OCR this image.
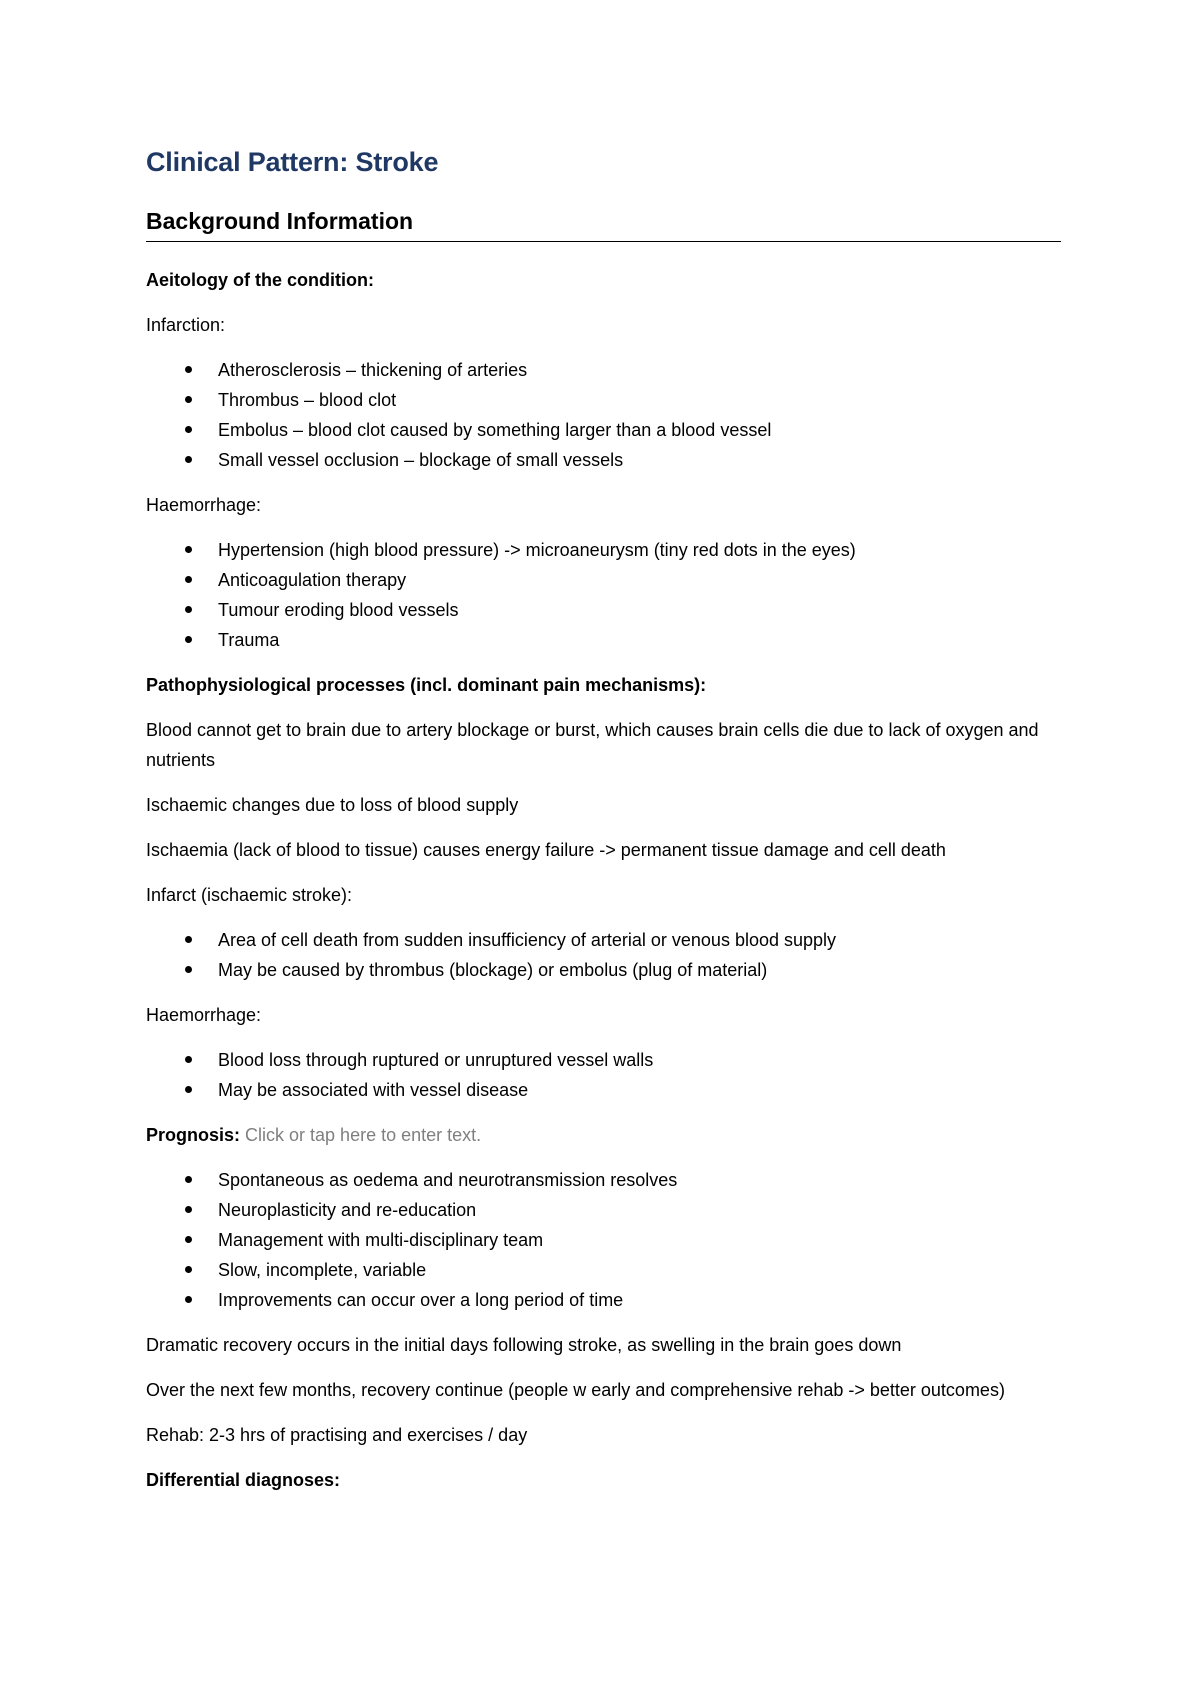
Clinical Pattern: Stroke
Background Information

Aeitology of the condition:

Infarction:

Atherosclerosis – thickening of arteries
Thrombus – blood clot
Embolus – blood clot caused by something larger than a blood vessel
Small vessel occlusion – blockage of small vessels

Haemorrhage:

Hypertension (high blood pressure) -> microaneurysm (tiny red dots in the eyes)
Anticoagulation therapy
Tumour eroding blood vessels
Trauma

Pathophysiological processes (incl. dominant pain mechanisms):

Blood cannot get to brain due to artery blockage or burst, which causes brain cells die due to lack of oxygen and nutrients

Ischaemic changes due to loss of blood supply

Ischaemia (lack of blood to tissue) causes energy failure -> permanent tissue damage and cell death

Infarct (ischaemic stroke):

Area of cell death from sudden insufficiency of arterial or venous blood supply
May be caused by thrombus (blockage) or embolus (plug of material)

Haemorrhage:

Blood loss through ruptured or unruptured vessel walls
May be associated with vessel disease

Prognosis: Click or tap here to enter text.

Spontaneous as oedema and neurotransmission resolves
Neuroplasticity and re-education
Management with multi-disciplinary team
Slow, incomplete, variable
Improvements can occur over a long period of time

Dramatic recovery occurs in the initial days following stroke, as swelling in the brain goes down

Over the next few months, recovery continue (people w early and comprehensive rehab -> better outcomes)

Rehab: 2-3 hrs of practising and exercises / day

Differential diagnoses:
